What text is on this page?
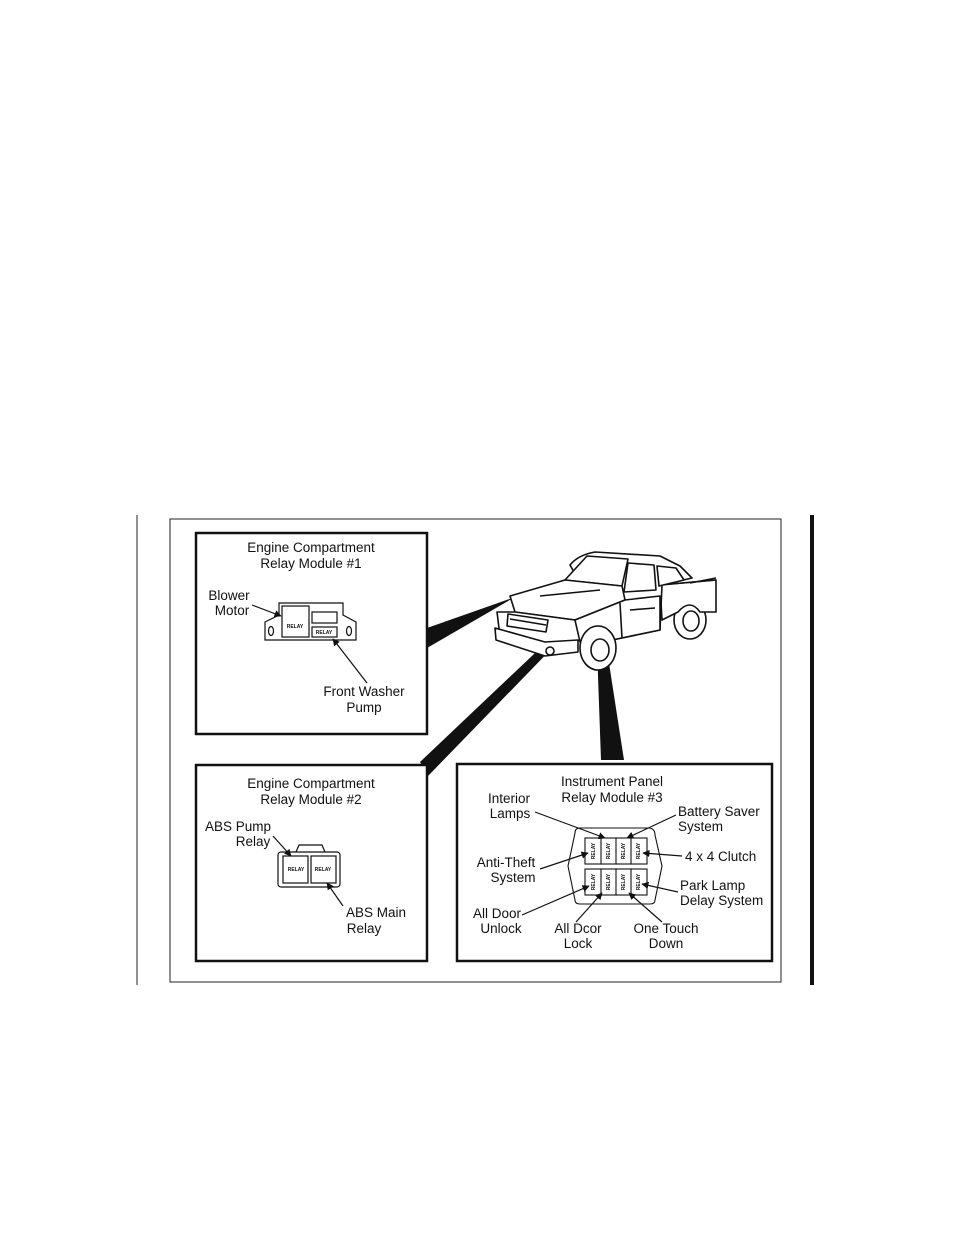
Engine Compartment
Relay Module #1
Blower
Motor
Front Washer
Pump
RELAY
RELAY
Engine Compartment
Relay Module #2
ABS Pump
Relay
ABS Main
Relay
RELAY RELAY
Instrument Panel
Relay Module #3
Interior
Lamps	Battery Saver
System
4 x 4 Clutch
Anti-Theft
System
Park Lamp
Delay System
All Door
Unlock All Dcor
Lock
One Touch
Down
RELAY RELAY RELAY RELAY
RELAY RELAY RELAY RELAY
